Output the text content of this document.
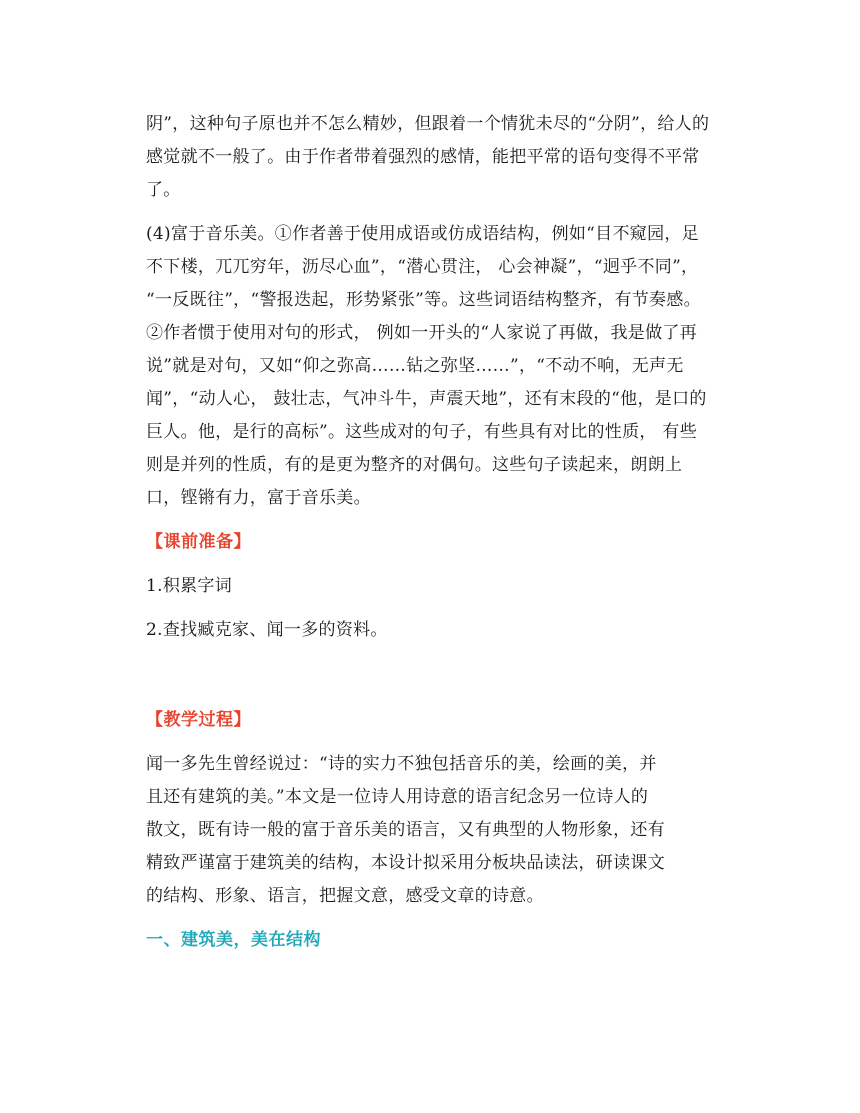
阴”，这种句子原也并不怎么精妙，但跟着一个情犹未尽的“分阴”，给人的
感觉就不一般了。由于作者带着强烈的感情，能把平常的语句变得不平常
了。
(4)富于音乐美。①作者善于使用成语或仿成语结构，例如“目不窥园，足
不下楼，兀兀穷年，沥尽心血”，“潜心贯注， 心会神凝”，“迥乎不同”，
“一反既往”，“警报迭起，形势紧张”等。这些词语结构整齐，有节奏感。
②作者惯于使用对句的形式， 例如一开头的“人家说了再做，我是做了再
说”就是对句，又如“仰之弥高……钻之弥坚……”，“不动不响，无声无
闻”，“动人心， 鼓壮志，气冲斗牛，声震天地”，还有末段的“他，是口的
巨人。他，是行的高标”。这些成对的句子，有些具有对比的性质， 有些
则是并列的性质，有的是更为整齐的对偶句。这些句子读起来，朗朗上
口，铿锵有力，富于音乐美。
【课前准备】
1.积累字词
2.查找臧克家、闻一多的资料。
【教学过程】
闻一多先生曾经说过：“诗的实力不独包括音乐的美，绘画的美，并
且还有建筑的美。”本文是一位诗人用诗意的语言纪念另一位诗人的
散文，既有诗一般的富于音乐美的语言，又有典型的人物形象，还有
精致严谨富于建筑美的结构，本设计拟采用分板块品读法，研读课文
的结构、形象、语言，把握文意，感受文章的诗意。
一、建筑美，美在结构
